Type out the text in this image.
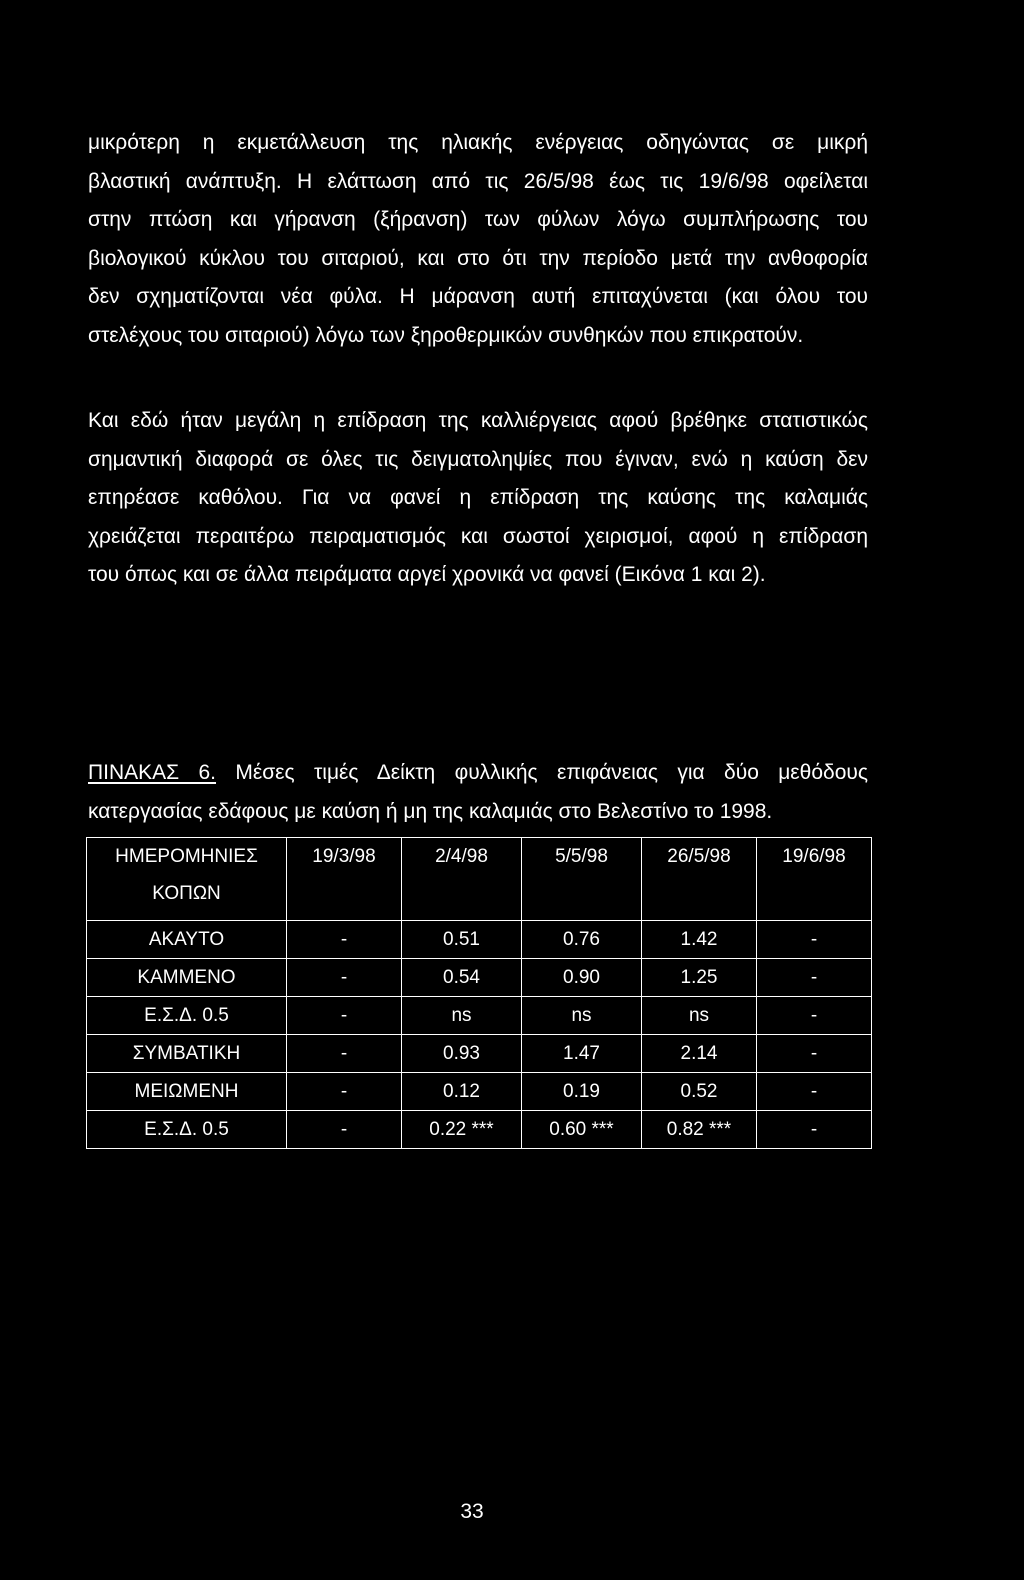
μικρότερη η εκμετάλλευση της ηλιακής ενέργειας οδηγώντας σε μικρή
βλαστική ανάπτυξη. Η ελάττωση από τις 26/5/98 έως τις 19/6/98 οφείλεται
στην πτώση και γήρανση (ξήρανση) των φύλων λόγω συμπλήρωσης του
βιολογικού κύκλου του σιταριού, και στο ότι την περίοδο μετά την ανθοφορία
δεν σχηματίζονται νέα φύλα. Η μάρανση αυτή επιταχύνεται (και όλου του
στελέχους του σιταριού) λόγω των ξηροθερμικών συνθηκών που επικρατούν.
Και εδώ ήταν μεγάλη η επίδραση της καλλιέργειας αφού βρέθηκε στατιστικώς
σημαντική διαφορά σε όλες τις δειγματοληψίες που έγιναν, ενώ η καύση δεν
επηρέασε καθόλου. Για να φανεί η επίδραση της καύσης της καλαμιάς
χρειάζεται περαιτέρω πειραματισμός και σωστοί χειρισμοί, αφού η επίδραση
του όπως και σε άλλα πειράματα αργεί χρονικά να φανεί (Εικόνα 1 και 2).
ΠΙΝΑΚΑΣ 6. Μέσες τιμές Δείκτη φυλλικής επιφάνειας για δύο μεθόδους
κατεργασίας εδάφους με καύση ή μη της καλαμιάς στο Βελεστίνο το 1998.
ΗΜΕΡΟΜΗΝΙΕΣ
ΚΟΠΩΝ	19/3/98	2/4/98	5/5/98	26/5/98	19/6/98
ΑΚΑΥΤΟ	-	0.51	0.76	1.42	-
ΚΑΜΜΕΝΟ	-	0.54	0.90	1.25	-
Ε.Σ.Δ. 0.5	-	ns	ns	ns	-
ΣΥΜΒΑΤΙΚΗ	-	0.93	1.47	2.14	-
ΜΕΙΩΜΕΝΗ	-	0.12	0.19	0.52	-
Ε.Σ.Δ. 0.5	-	0.22 ***	0.60 ***	0.82 ***	-
33
